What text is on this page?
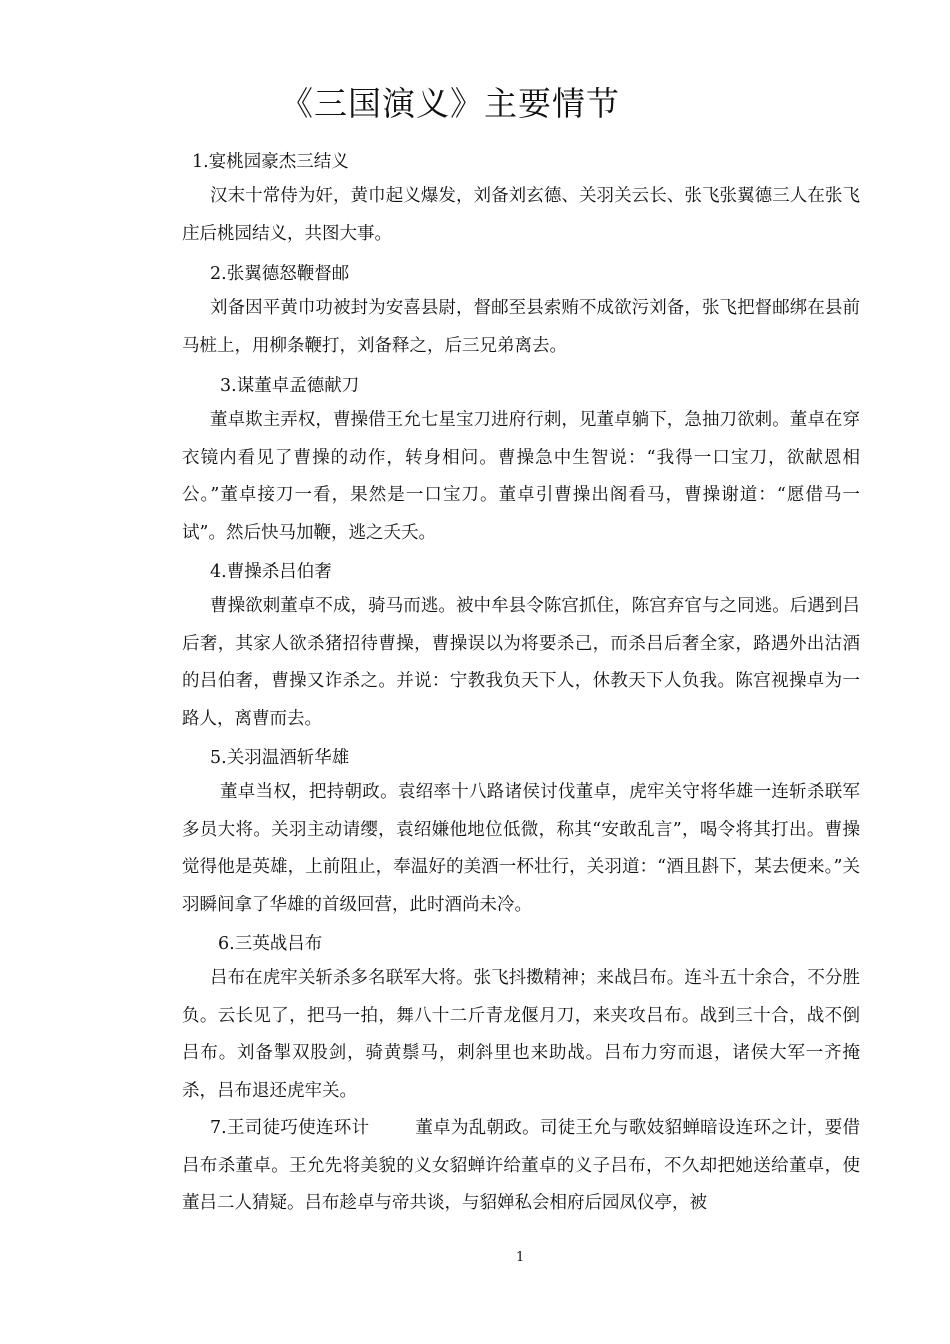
《三国演义》主要情节
1.宴桃园豪杰三结义
汉末十常侍为奸，黄巾起义爆发，刘备刘玄德、关羽关云长、张飞张翼德三人在张飞庄后桃园结义，共图大事。
2.张翼德怒鞭督邮
刘备因平黄巾功被封为安喜县尉，督邮至县索贿不成欲污刘备，张飞把督邮绑在县前马桩上，用柳条鞭打，刘备释之，后三兄弟离去。
3.谋董卓孟德献刀
董卓欺主弄权，曹操借王允七星宝刀进府行刺，见董卓躺下，急抽刀欲刺。董卓在穿衣镜内看见了曹操的动作，转身相问。曹操急中生智说：“我得一口宝刀，欲献恩相公。”董卓接刀一看，果然是一口宝刀。董卓引曹操出阁看马，曹操谢道：“愿借马一试”。然后快马加鞭，逃之夭夭。
4.曹操杀吕伯奢
曹操欲刺董卓不成，骑马而逃。被中牟县令陈宫抓住，陈宫弃官与之同逃。后遇到吕后奢，其家人欲杀猪招待曹操，曹操误以为将要杀己，而杀吕后奢全家，路遇外出沽酒的吕伯奢，曹操又诈杀之。并说：宁教我负天下人，休教天下人负我。陈宫视操卓为一路人，离曹而去。
5.关羽温酒斩华雄
董卓当权，把持朝政。袁绍率十八路诸侯讨伐董卓，虎牢关守将华雄一连斩杀联军多员大将。关羽主动请缨，袁绍嫌他地位低微，称其“安敢乱言”，喝令将其打出。曹操觉得他是英雄，上前阻止，奉温好的美酒一杯壮行，关羽道：“酒且斟下，某去便来。”关羽瞬间拿了华雄的首级回营，此时酒尚未冷。
6.三英战吕布
吕布在虎牢关斩杀多名联军大将。张飞抖擞精神；来战吕布。连斗五十余合，不分胜负。云长见了，把马一拍，舞八十二斤青龙偃月刀，来夹攻吕布。战到三十合，战不倒吕布。刘备掣双股剑，骑黄鬃马，刺斜里也来助战。吕布力穷而退，诸侯大军一齐掩杀，吕布退还虎牢关。
7.王司徒巧使连环计	董卓为乱朝政。司徒王允与歌妓貂蝉暗设连环之计，要借吕布杀董卓。王允先将美貌的义女貂蝉许给董卓的义子吕布，不久却把她送给董卓，使董吕二人猜疑。吕布趁卓与帝共谈，与貂婵私会相府后园凤仪亭，被
1
